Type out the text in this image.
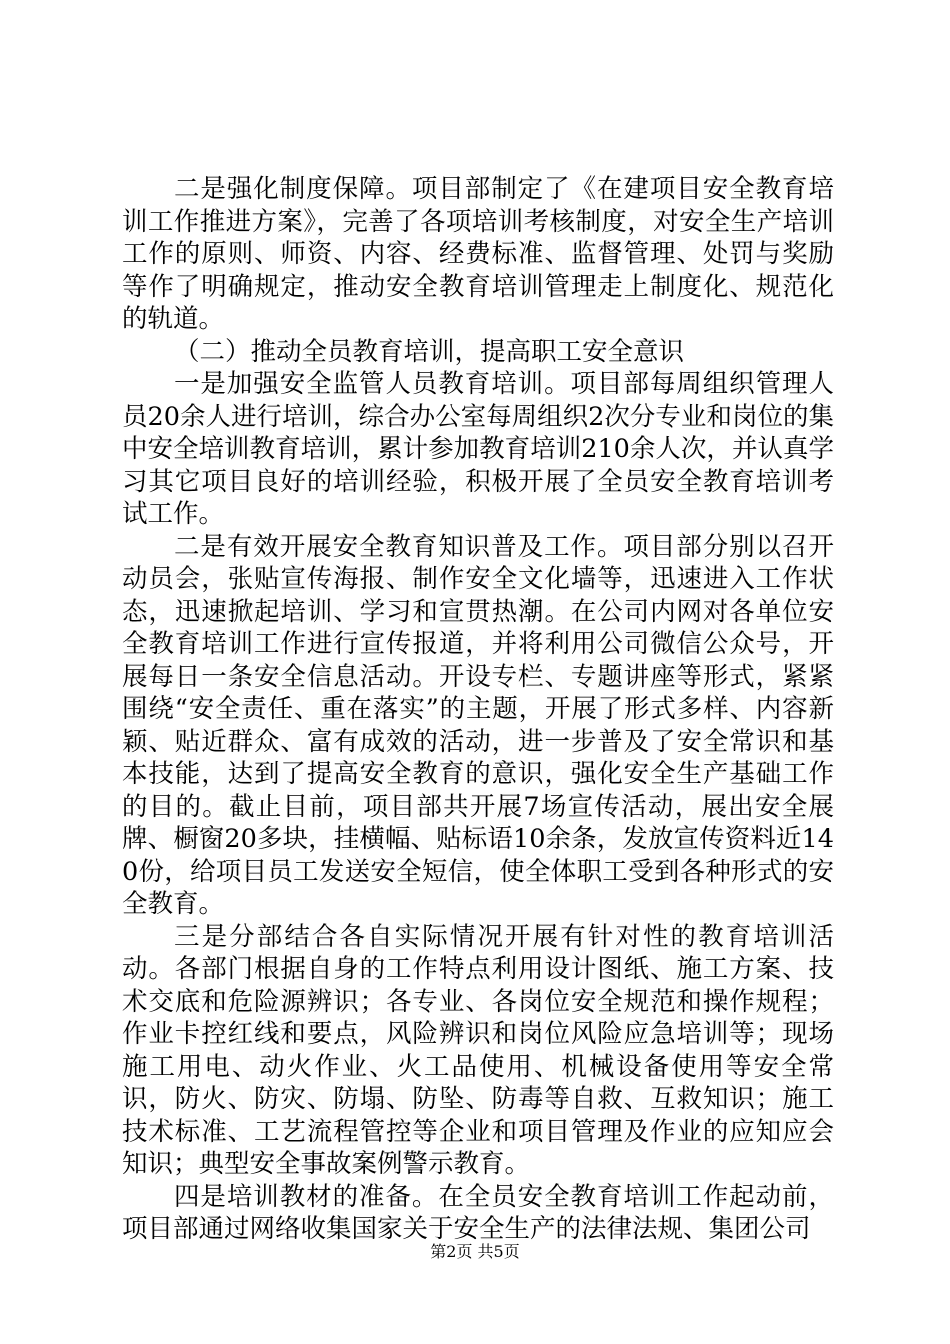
二是强化制度保障。项目部制定了《在建项目安全教育培训工作推进方案》，完善了各项培训考核制度，对安全生产培训工作的原则、师资、内容、经费标准、监督管理、处罚与奖励等作了明确规定，推动安全教育培训管理走上制度化、规范化的轨道。

（二）推动全员教育培训，提高职工安全意识

一是加强安全监管人员教育培训。项目部每周组织管理人员20余人进行培训，综合办公室每周组织2次分专业和岗位的集中安全培训教育培训，累计参加教育培训210余人次，并认真学习其它项目良好的培训经验，积极开展了全员安全教育培训考试工作。

二是有效开展安全教育知识普及工作。项目部分别以召开动员会，张贴宣传海报、制作安全文化墙等，迅速进入工作状态，迅速掀起培训、学习和宣贯热潮。在公司内网对各单位安全教育培训工作进行宣传报道，并将利用公司微信公众号，开展每日一条安全信息活动。开设专栏、专题讲座等形式，紧紧围绕“安全责任、重在落实”的主题，开展了形式多样、内容新颖、贴近群众、富有成效的活动，进一步普及了安全常识和基本技能，达到了提高安全教育的意识，强化安全生产基础工作的目的。截止目前，项目部共开展7场宣传活动，展出安全展牌、橱窗20多块，挂横幅、贴标语10余条，发放宣传资料近140份，给项目员工发送安全短信，使全体职工受到各种形式的安全教育。

三是分部结合各自实际情况开展有针对性的教育培训活动。各部门根据自身的工作特点利用设计图纸、施工方案、技术交底和危险源辨识；各专业、各岗位安全规范和操作规程；作业卡控红线和要点，风险辨识和岗位风险应急培训等；现场施工用电、动火作业、火工品使用、机械设备使用等安全常识，防火、防灾、防塌、防坠、防毒等自救、互救知识；施工技术标准、工艺流程管控等企业和项目管理及作业的应知应会知识；典型安全事故案例警示教育。

四是培训教材的准备。在全员安全教育培训工作起动前，项目部通过网络收集国家关于安全生产的法律法规、集团公司

第2页 共5页
